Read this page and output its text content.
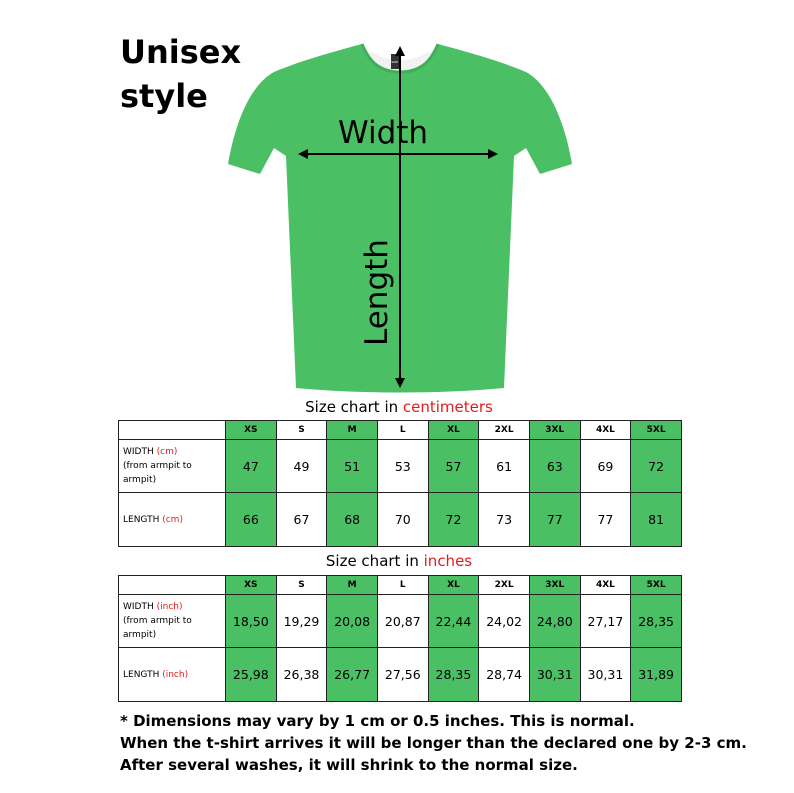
Unisex
style
SIZE L
Width
Length
Size chart in centimeters
	XS	S	M	L	XL	2XL	3XL	4XL	5XL
WIDTH (cm)
(from armpit to
armpit)	47	49	51	53	57	61	63	69	72
LENGTH (cm)	66	67	68	70	72	73	77	77	81
Size chart in inches
	XS	S	M	L	XL	2XL	3XL	4XL	5XL
WIDTH (inch)
(from armpit to
armpit)	18,50	19,29	20,08	20,87	22,44	24,02	24,80	27,17	28,35
LENGTH (inch)	25,98	26,38	26,77	27,56	28,35	28,74	30,31	30,31	31,89
* Dimensions may vary by 1 cm or 0.5 inches. This is normal.
When the t-shirt arrives it will be longer than the declared one by 2-3 cm.
After several washes, it will shrink to the normal size.
